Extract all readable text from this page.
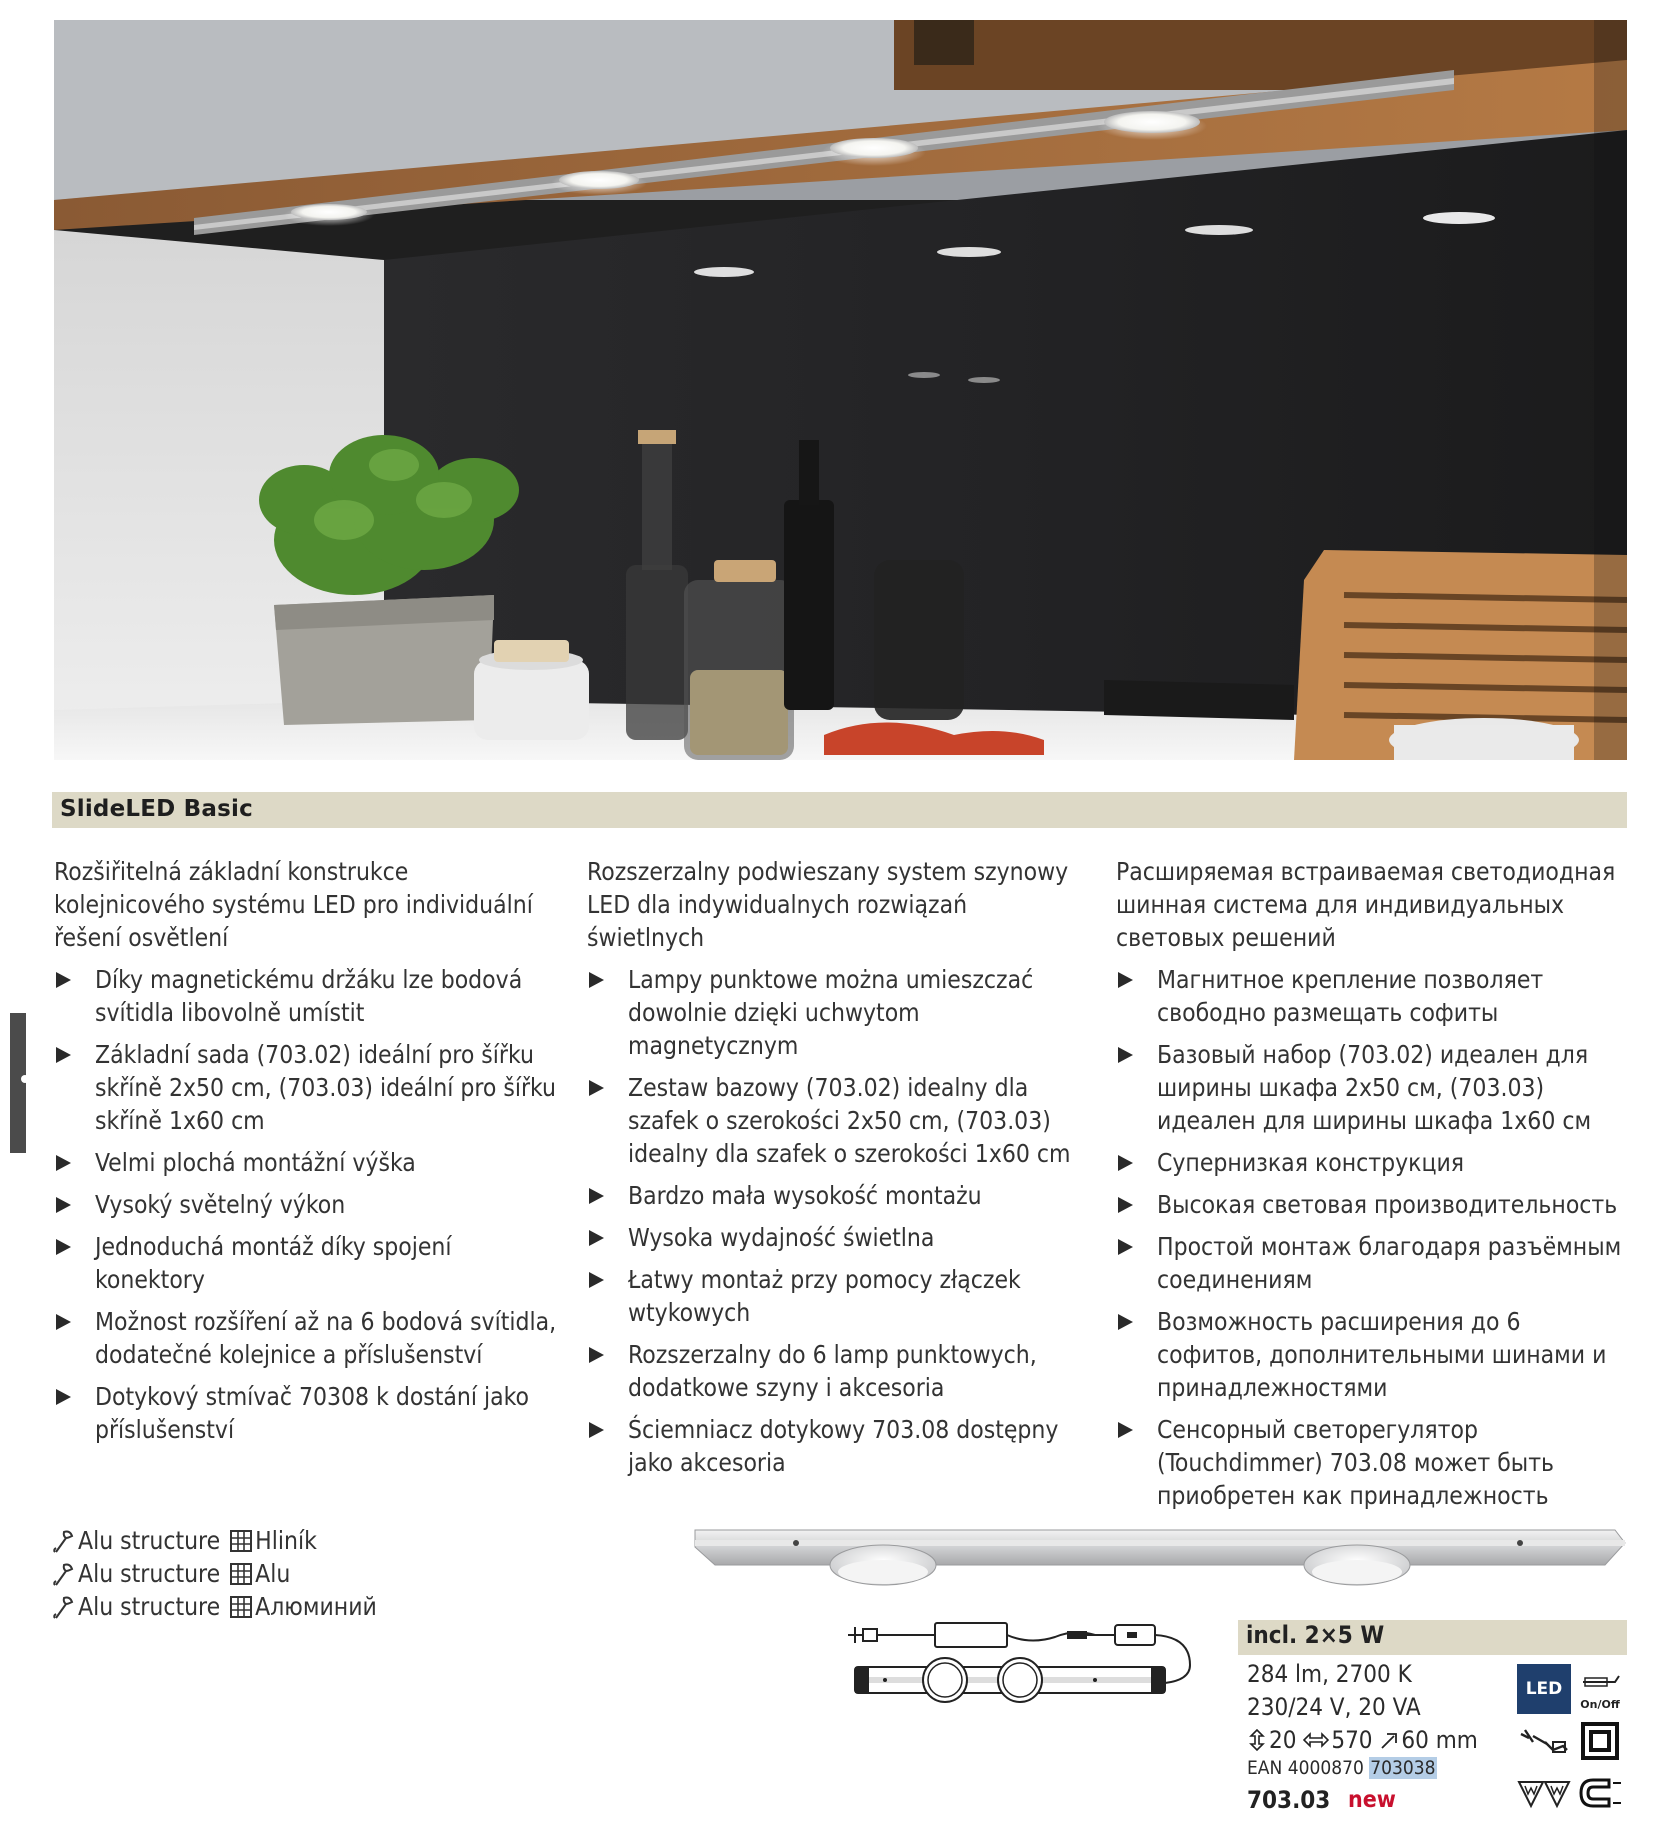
SlideLED Basic

Rozšiřitelná základní konstrukce kolejnicového systému LED pro individuální řešení osvětlení

Díky magnetickému držáku lze bodová svítidla libovolně umístit
Základní sada (703.02) ideální pro šířku skříně 2x50 cm, (703.03) ideální pro šířku skříně 1x60 cm
Velmi plochá montážní výška
Vysoký světelný výkon
Jednoduchá montáž díky spojení konektory
Možnost rozšíření až na 6 bodová svítidla, dodatečné kolejnice a příslušenství
Dotykový stmívač 70308 k dostání jako příslušenství

Rozszerzalny podwieszany system szynowy LED dla indywidualnych rozwiązań świetlnych

Lampy punktowe można umieszczać dowolnie dzięki uchwytom magnetycznym
Zestaw bazowy (703.02) idealny dla szafek o szerokości 2x50 cm, (703.03) idealny dla szafek o szerokości 1x60 cm
Bardzo mała wysokość montażu
Wysoka wydajność świetlna
Łatwy montaż przy pomocy złączek wtykowych
Rozszerzalny do 6 lamp punktowych, dodatkowe szyny i akcesoria
Ściemniacz dotykowy 703.08 dostępny jako akcesoria

Расширяемая встраиваемая светодиодная шинная система для индивидуальных световых решений

Магнитное крепление позволяет свободно размещать софиты
Базовый набор (703.02) идеален для ширины шкафа 2x50 см, (703.03) идеален для ширины шкафа 1x60 см
Супернизкая конструкция
Высокая световая производительность
Простой монтаж благодаря разъёмным соединениям
Возможность расширения до 6 софитов, дополнительными шинами и принадлежностями
Сенсорный светорегулятор (Touchdimmer) 703.08 может быть приобретен как принадлежность
Alu structure Hliník
Alu structure Alu
Alu structure Алюминий
incl. 2×5 W
284 lm, 2700 K
230/24 V, 20 VA
20 570 60 mm
EAN 4000870 703038
703.03 new
LED
On/Off
